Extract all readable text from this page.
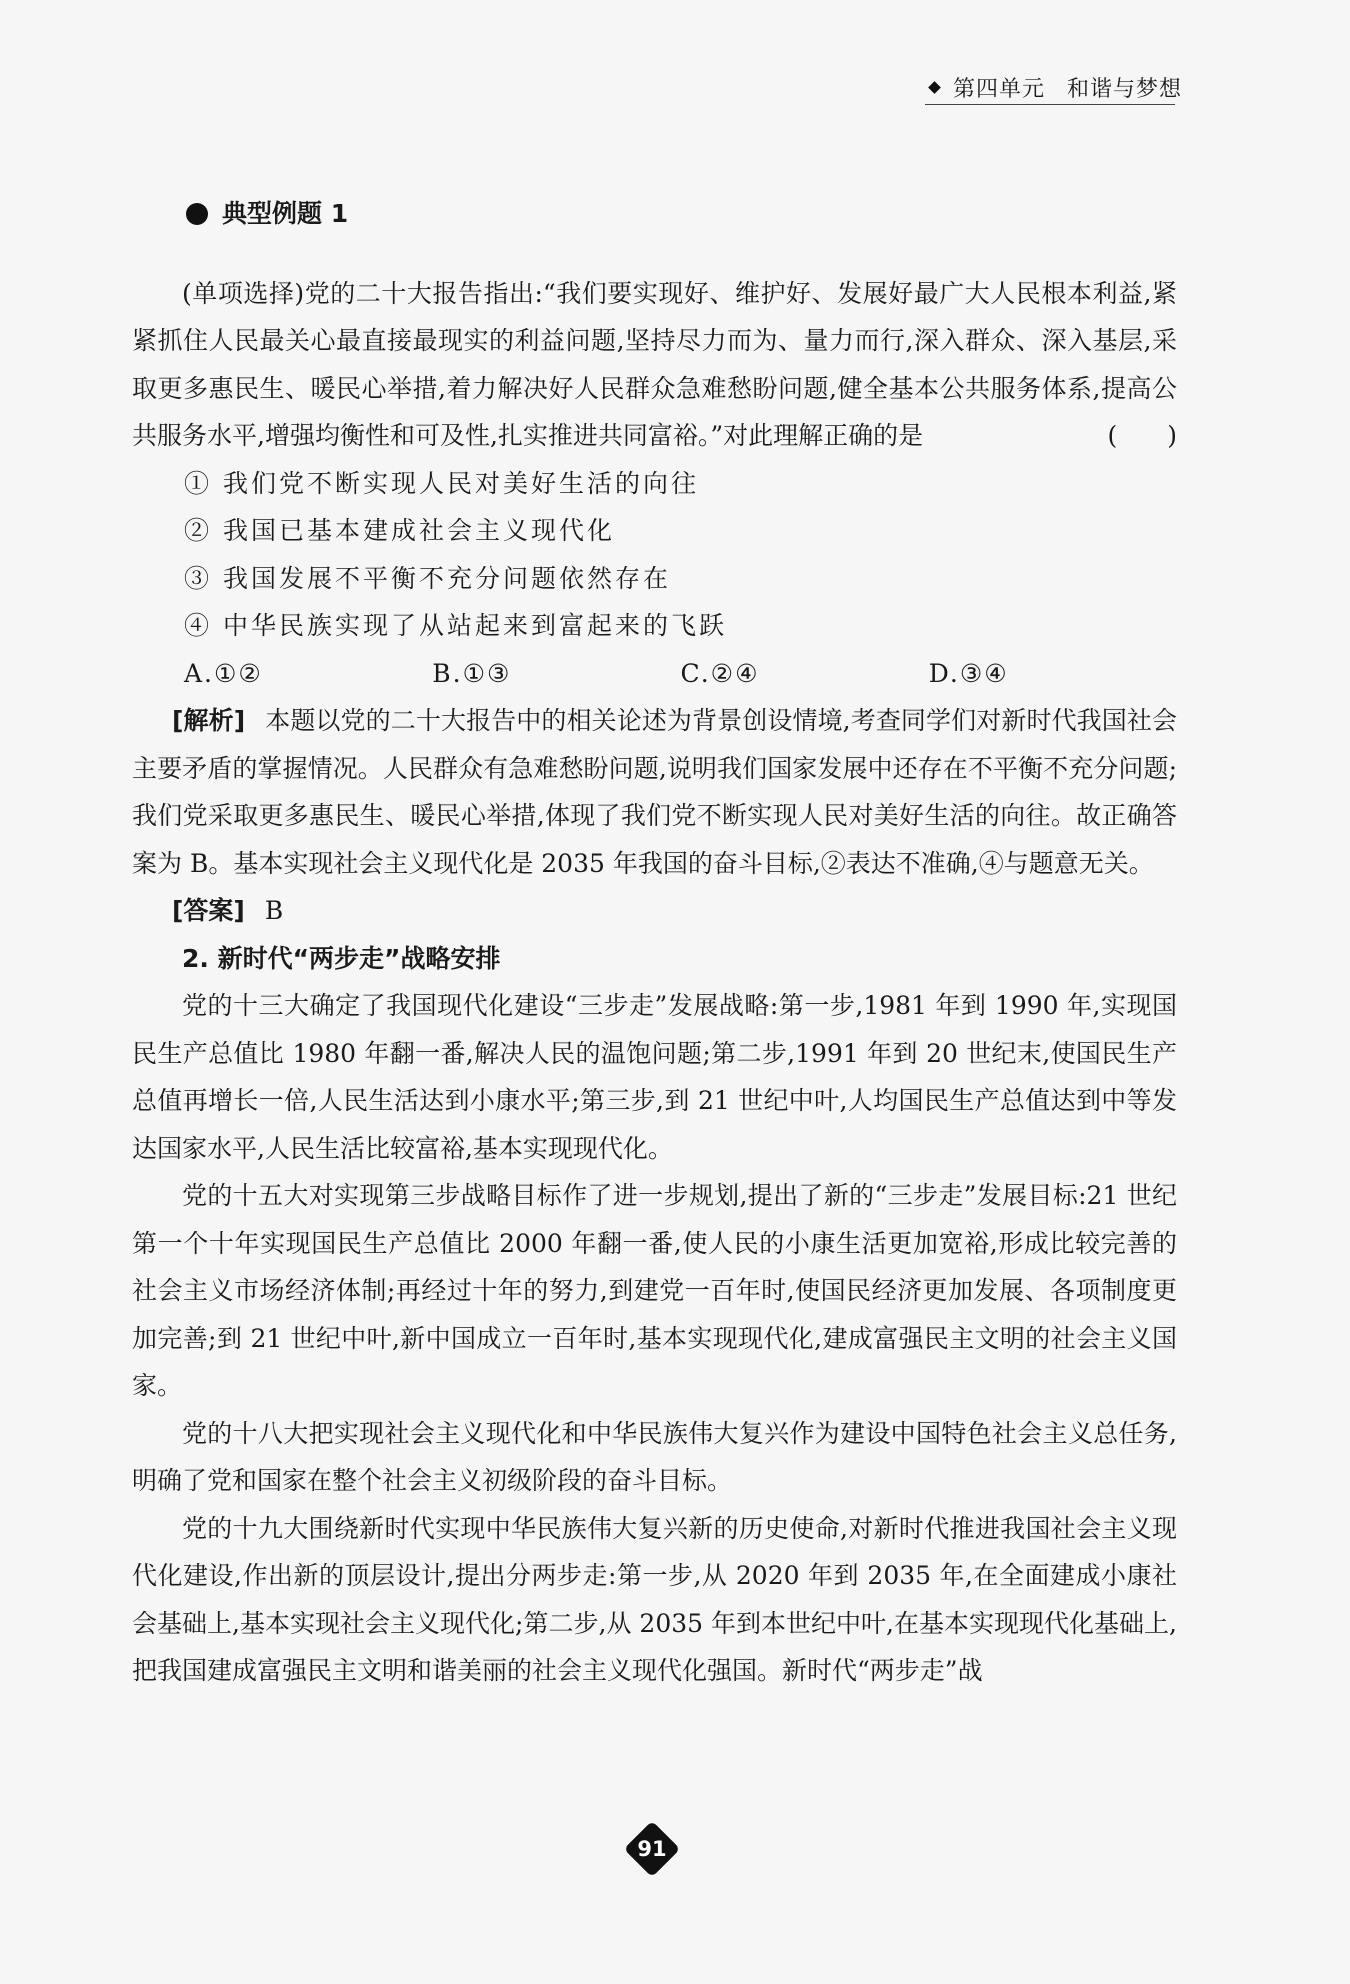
第四单元 和谐与梦想
典型例题 1

(单项选择)党的二十大报告指出:“我们要实现好、维护好、发展好最广大人民根本利益,紧紧抓住人民最关心最直接最现实的利益问题,坚持尽力而为、量力而行,深入群众、深入基层,采取更多惠民生、暖民心举措,着力解决好人民群众急难愁盼问题,健全基本公共服务体系,提高公共服务水平,增强均衡性和可及性,扎实推进共同富裕。”对此理解正确的是	(　　)

① 我们党不断实现人民对美好生活的向往

② 我国已基本建成社会主义现代化

③ 我国发展不平衡不充分问题依然存在

④ 中华民族实现了从站起来到富起来的飞跃

A.①②	B.①③	C.②④	D.③④

[解析] 本题以党的二十大报告中的相关论述为背景创设情境,考查同学们对新时代我国社会主要矛盾的掌握情况。人民群众有急难愁盼问题,说明我们国家发展中还存在不平衡不充分问题;我们党采取更多惠民生、暖民心举措,体现了我们党不断实现人民对美好生活的向往。故正确答案为 B。基本实现社会主义现代化是 2035 年我国的奋斗目标,②表达不准确,④与题意无关。

[答案] B

2. 新时代“两步走”战略安排

党的十三大确定了我国现代化建设“三步走”发展战略:第一步,1981 年到 1990 年,实现国民生产总值比 1980 年翻一番,解决人民的温饱问题;第二步,1991 年到 20 世纪末,使国民生产总值再增长一倍,人民生活达到小康水平;第三步,到 21 世纪中叶,人均国民生产总值达到中等发达国家水平,人民生活比较富裕,基本实现现代化。

党的十五大对实现第三步战略目标作了进一步规划,提出了新的“三步走”发展目标:21 世纪第一个十年实现国民生产总值比 2000 年翻一番,使人民的小康生活更加宽裕,形成比较完善的社会主义市场经济体制;再经过十年的努力,到建党一百年时,使国民经济更加发展、各项制度更加完善;到 21 世纪中叶,新中国成立一百年时,基本实现现代化,建成富强民主文明的社会主义国家。

党的十八大把实现社会主义现代化和中华民族伟大复兴作为建设中国特色社会主义总任务,明确了党和国家在整个社会主义初级阶段的奋斗目标。

党的十九大围绕新时代实现中华民族伟大复兴新的历史使命,对新时代推进我国社会主义现代化建设,作出新的顶层设计,提出分两步走:第一步,从 2020 年到 2035 年,在全面建成小康社会基础上,基本实现社会主义现代化;第二步,从 2035 年到本世纪中叶,在基本实现现代化基础上,把我国建成富强民主文明和谐美丽的社会主义现代化强国。新时代“两步走”战

91
